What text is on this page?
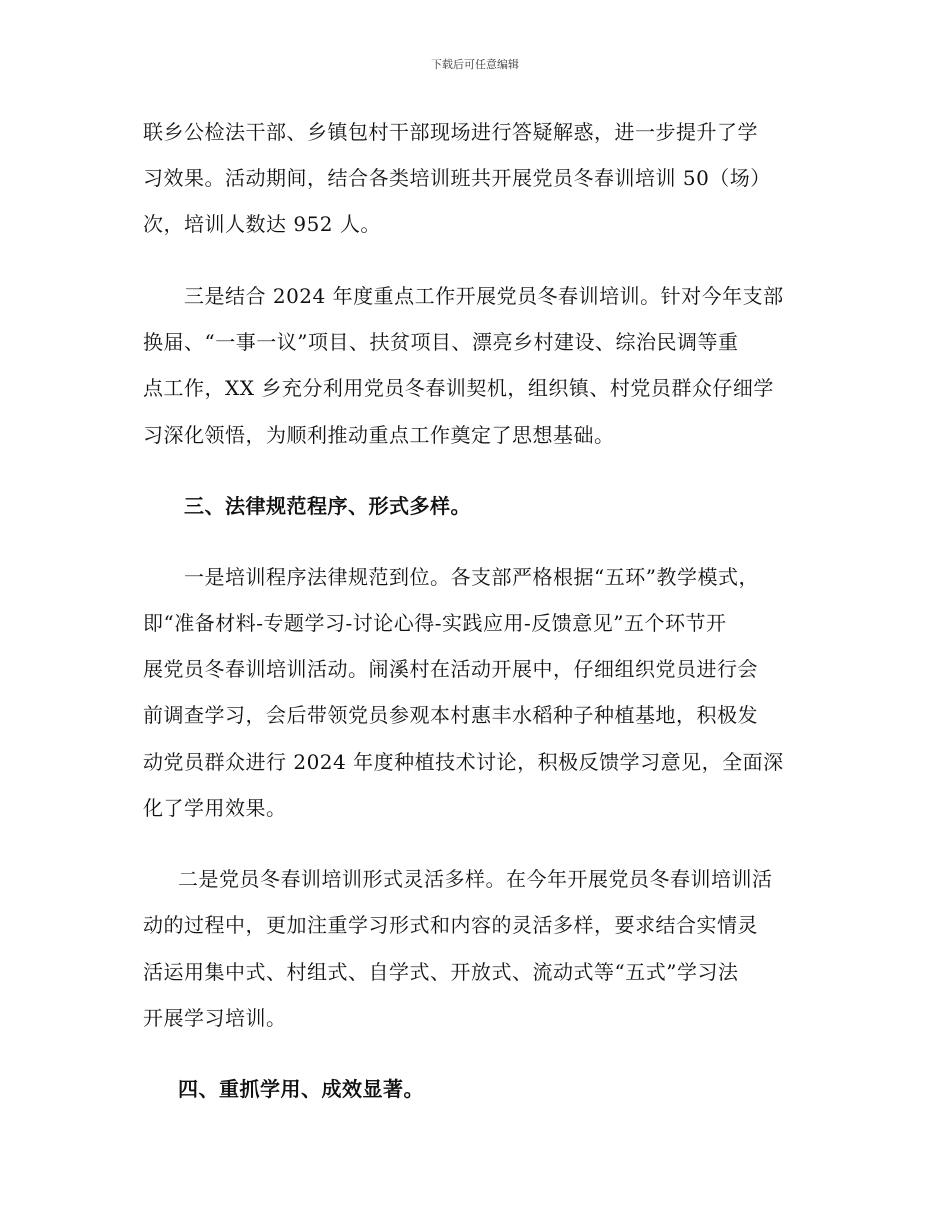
下载后可任意编辑
联乡公检法干部、乡镇包村干部现场进行答疑解惑，进一步提升了学
习效果。活动期间，结合各类培训班共开展党员冬春训培训 50（场）
次，培训人数达 952 人。
三是结合 2024 年度重点工作开展党员冬春训培训。针对今年支部
换届、“一事一议”项目、扶贫项目、漂亮乡村建设、综治民调等重
点工作，XX 乡充分利用党员冬春训契机，组织镇、村党员群众仔细学
习深化领悟，为顺利推动重点工作奠定了思想基础。
三、法律规范程序、形式多样。
一是培训程序法律规范到位。各支部严格根据“五环”教学模式，
即“准备材料-专题学习-讨论心得-实践应用-反馈意见”五个环节开
展党员冬春训培训活动。闹溪村在活动开展中，仔细组织党员进行会
前调查学习，会后带领党员参观本村惠丰水稻种子种植基地，积极发
动党员群众进行 2024 年度种植技术讨论，积极反馈学习意见，全面深
化了学用效果。
二是党员冬春训培训形式灵活多样。在今年开展党员冬春训培训活
动的过程中，更加注重学习形式和内容的灵活多样，要求结合实情灵
活运用集中式、村组式、自学式、开放式、流动式等“五式”学习法
开展学习培训。
四、重抓学用、成效显著。
